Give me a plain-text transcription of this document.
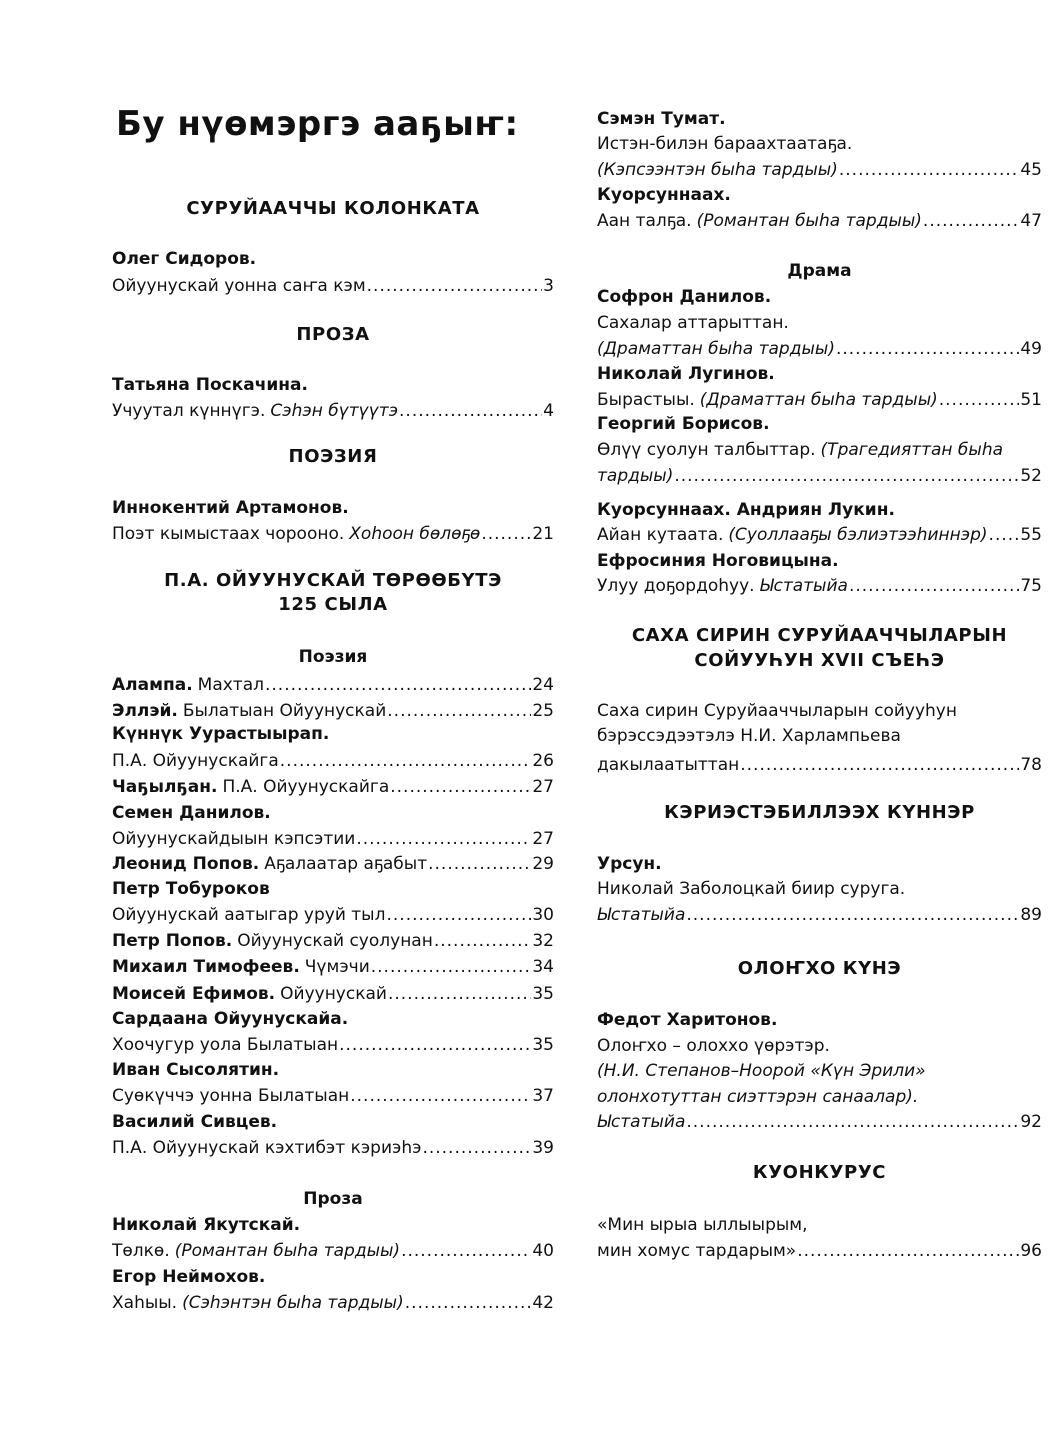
Бу нүөмэргэ ааҕыҥ:
СУРУЙААЧЧЫ КОЛОНКАТА
Олег Сидоров.
Ойуунускай уонна саҥа кэм .....	3
ПРОЗА
Татьяна Поскачина.
Учуутал күннүгэ. Сэһэн бүтүүтэ .....	4
ПОЭЗИЯ
Иннокентий Артамонов.
Поэт кымыстаах чорооно. Хоһоон бөлөҕө .....	21
П.А. ОЙУУНУСКАЙ ТӨРӨӨБҮТЭ
125 СЫЛА
Поэзия
Алампа. Махтал .....	24
Эллэй. Былатыан Ойуунускай .....	25
Күннүк Уурастыырап.
П.А. Ойуунускайга .....	26
Чаҕылҕан. П.А. Ойуунускайга .....	27
Семен Данилов.
Ойуунускайдыын кэпсэтии .....	27
Леонид Попов. Аҕалаатар аҕабыт .....	29
Петр Тобуроков
Ойуунускай аатыгар уруй тыл .....	30
Петр Попов. Ойуунускай суолунан .....	32
Михаил Тимофеев. Чүмэчи .....	34
Моисей Ефимов. Ойуунускай .....	35
Сардаана Ойуунускайа.
Хоочугур уола Былатыан .....	35
Иван Сысолятин.
Суөкүччэ уонна Былатыан .....	37
Василий Сивцев.
П.А. Ойуунускай кэхтибэт кэриэһэ .....	39
Проза
Николай Якутскай.
Төлкө. (Романтан быһа тардыы) .....	40
Егор Неймохов.
Хаһыы. (Сэһэнтэн быһа тардыы) .....	42
Сэмэн Тумат.
Истэн-билэн бараахтаатаҕа.
(Кэпсээнтэн быһа тардыы) .....	45
Куорсуннаах.
Аан талҕа. (Романтан быһа тардыы) .....	47
Драма
Софрон Данилов.
Сахалар аттарыттан.
(Драматтан быһа тардыы) .....	49
Николай Лугинов.
Бырастыы. (Драматтан быһа тардыы) .....	51
Георгий Борисов.
Өлүү суолун талбыттар. (Трагедияттан быһа
тардыы) .....	52
Куорсуннаах. Андриян Лукин.
Айан кутаата. (Суоллааҕы бэлиэтээһиннэр) ..... 55
Ефросиния Ноговицына.
Улуу доҕордоһуу. Ыстатыйа .....	75
САХА СИРИН СУРУЙААЧЧЫЛАРЫН
СОЙУУҺУН XVII СЪЕҺЭ
Саха сирин Суруйааччыларын сойууһун
бэрэссэдээтэлэ Н.И. Харлампьева
дакылаатыттан .....	78
КЭРИЭСТЭБИЛЛЭЭХ КҮННЭР
Урсун.
Николай Заболоцкай биир суруга.
Ыстатыйа .....	89
ОЛОҤХО КҮНЭ
Федот Харитонов.
Олоҥхо – олоххо үөрэтэр.
(Н.И. Степанов–Ноорой «Күн Эрили»
олонхотуттан сиэттэрэн санаалар).
Ыстатыйа .....	92
КУОНКУРУС
«Мин ырыа ыллыырым,
мин хомус тардарым» .....	96
